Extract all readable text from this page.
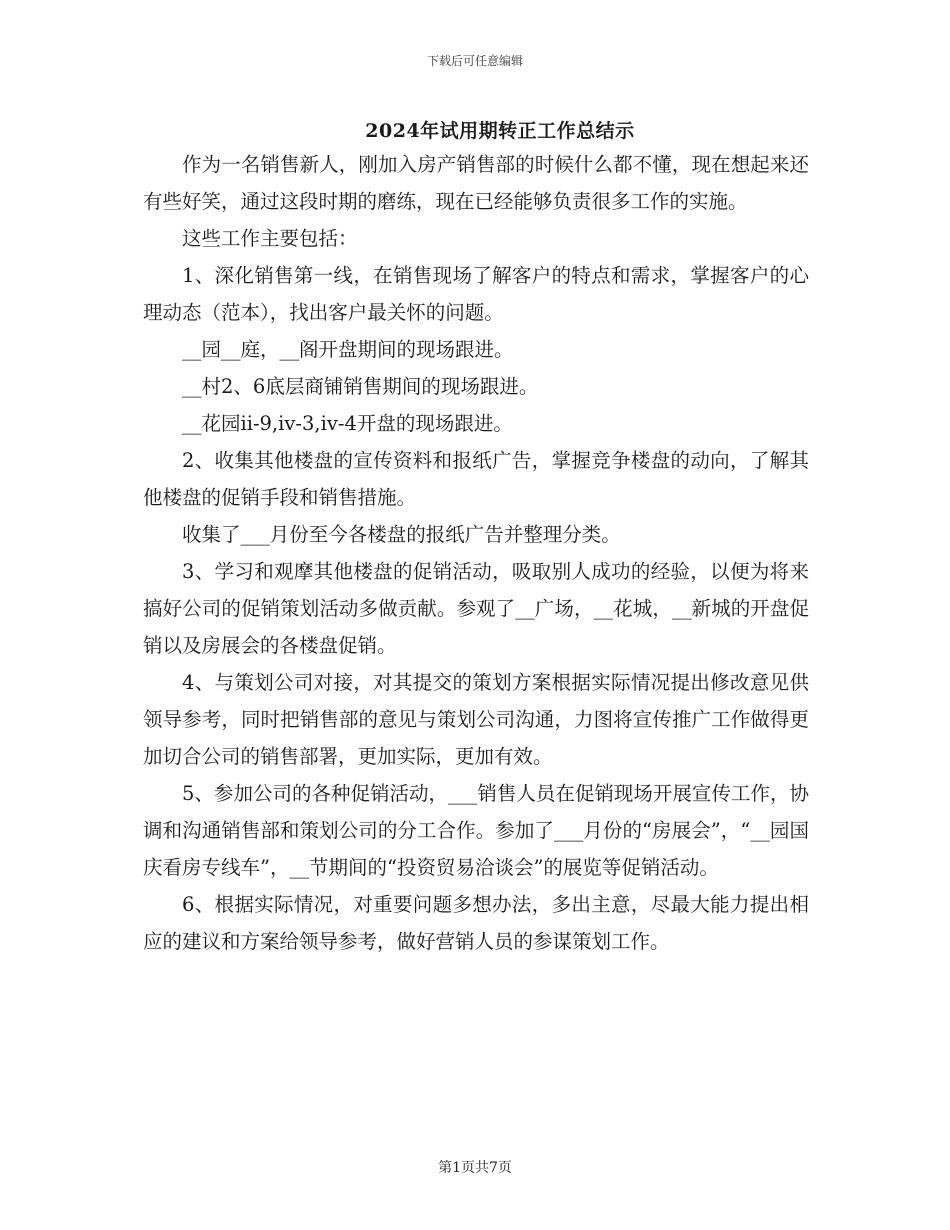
下载后可任意编辑
2024年试用期转正工作总结示

作为一名销售新人，刚加入房产销售部的时候什么都不懂，现在想起来还有些好笑，通过这段时期的磨练，现在已经能够负责很多工作的实施。

这些工作主要包括：

1、深化销售第一线，在销售现场了解客户的特点和需求，掌握客户的心理动态（范本），找出客户最关怀的问题。

__园__庭，__阁开盘期间的现场跟进。

__村2、6底层商铺销售期间的现场跟进。

__花园ii-9,iv-3,iv-4开盘的现场跟进。

2、收集其他楼盘的宣传资料和报纸广告，掌握竞争楼盘的动向，了解其他楼盘的促销手段和销售措施。

收集了___月份至今各楼盘的报纸广告并整理分类。

3、学习和观摩其他楼盘的促销活动，吸取别人成功的经验，以便为将来搞好公司的促销策划活动多做贡献。参观了__广场，__花城，__新城的开盘促销以及房展会的各楼盘促销。

4、与策划公司对接，对其提交的策划方案根据实际情况提出修改意见供领导参考，同时把销售部的意见与策划公司沟通，力图将宣传推广工作做得更加切合公司的销售部署，更加实际，更加有效。

5、参加公司的各种促销活动，___销售人员在促销现场开展宣传工作，协调和沟通销售部和策划公司的分工合作。参加了___月份的“房展会”，“__园国庆看房专线车”，__节期间的“投资贸易洽谈会”的展览等促销活动。

6、根据实际情况，对重要问题多想办法，多出主意，尽最大能力提出相应的建议和方案给领导参考，做好营销人员的参谋策划工作。

第1页共7页
